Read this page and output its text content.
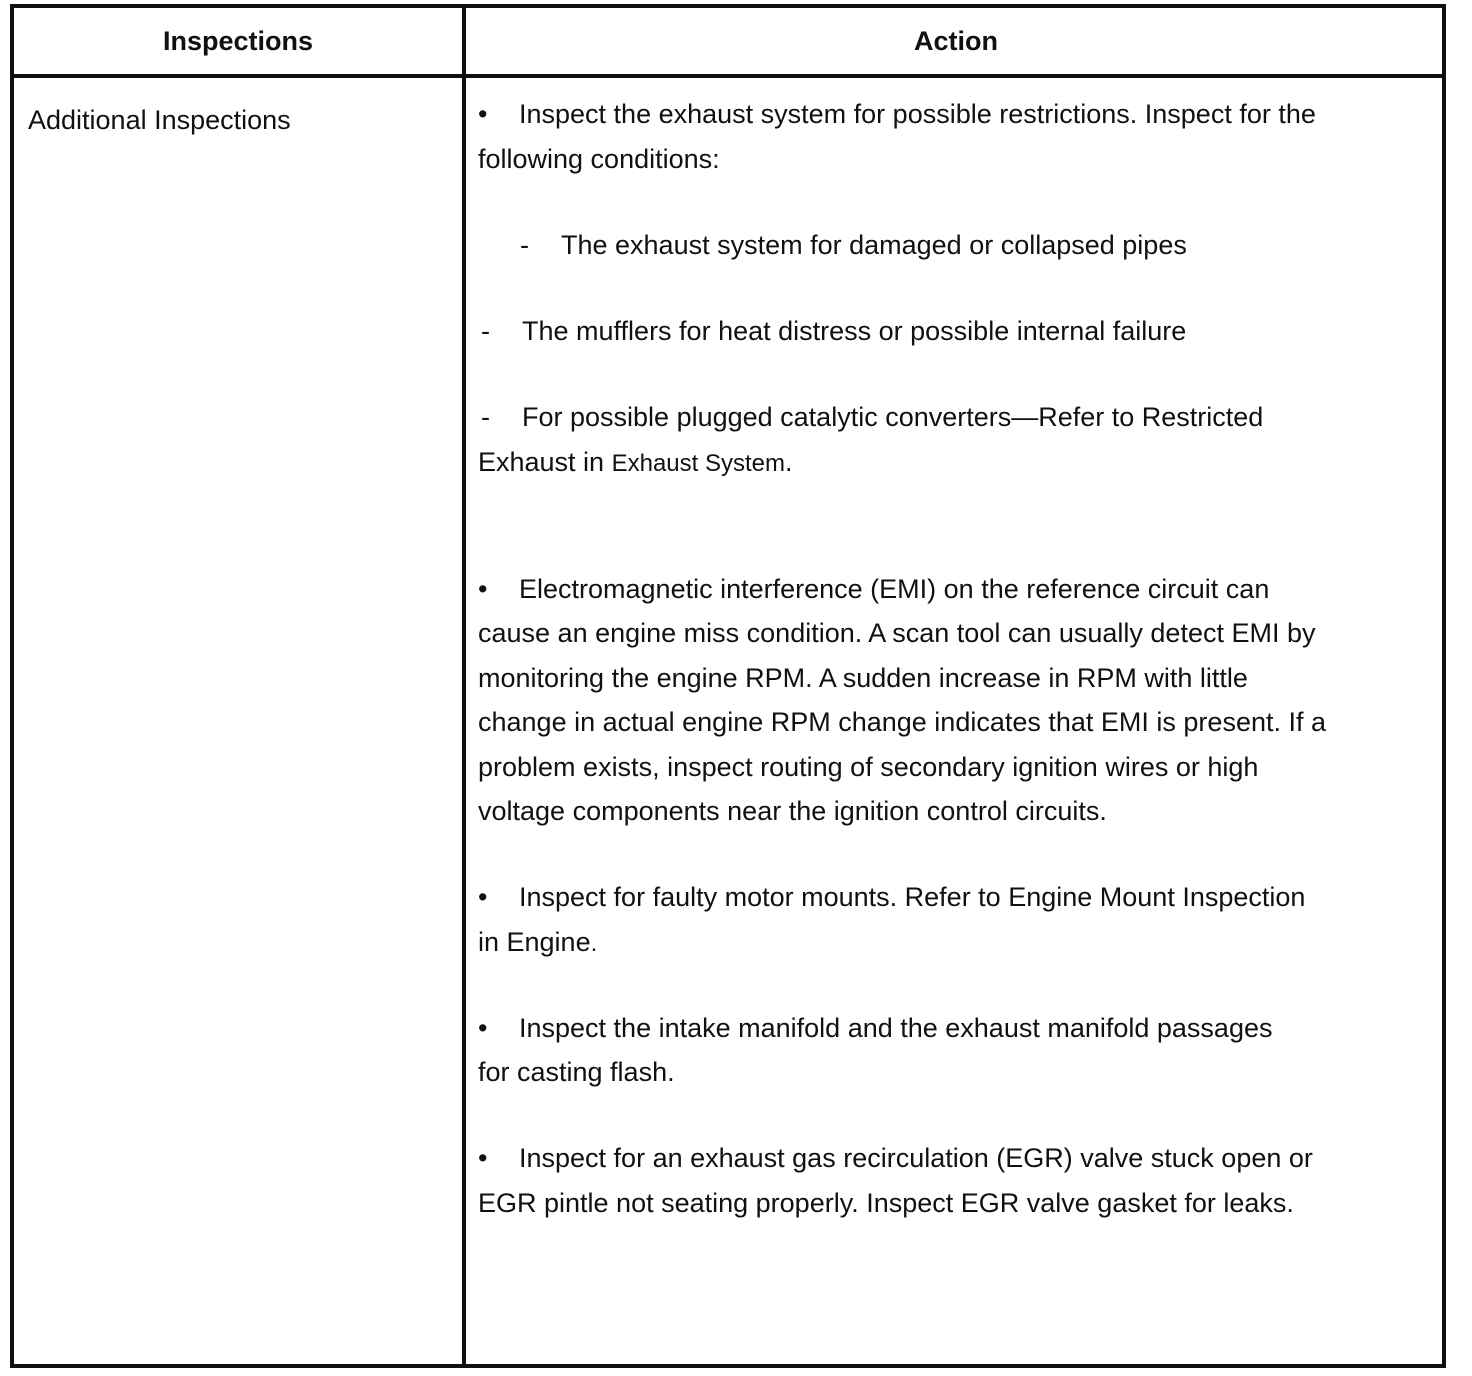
Inspections	Action
Additional Inspections	• Inspect the exhaust system for possible restrictions. Inspect for the
following conditions:
- The exhaust system for damaged or collapsed pipes
- The mufflers for heat distress or possible internal failure
- For possible plugged catalytic converters—Refer to Restricted
Exhaust in Exhaust System.
• Electromagnetic interference (EMI) on the reference circuit can
cause an engine miss condition. A scan tool can usually detect EMI by
monitoring the engine RPM. A sudden increase in RPM with little
change in actual engine RPM change indicates that EMI is present. If a
problem exists, inspect routing of secondary ignition wires or high
voltage components near the ignition control circuits.
• Inspect for faulty motor mounts. Refer to Engine Mount Inspection
in Engine.
• Inspect the intake manifold and the exhaust manifold passages
for casting flash.
• Inspect for an exhaust gas recirculation (EGR) valve stuck open or
EGR pintle not seating properly. Inspect EGR valve gasket for leaks.
